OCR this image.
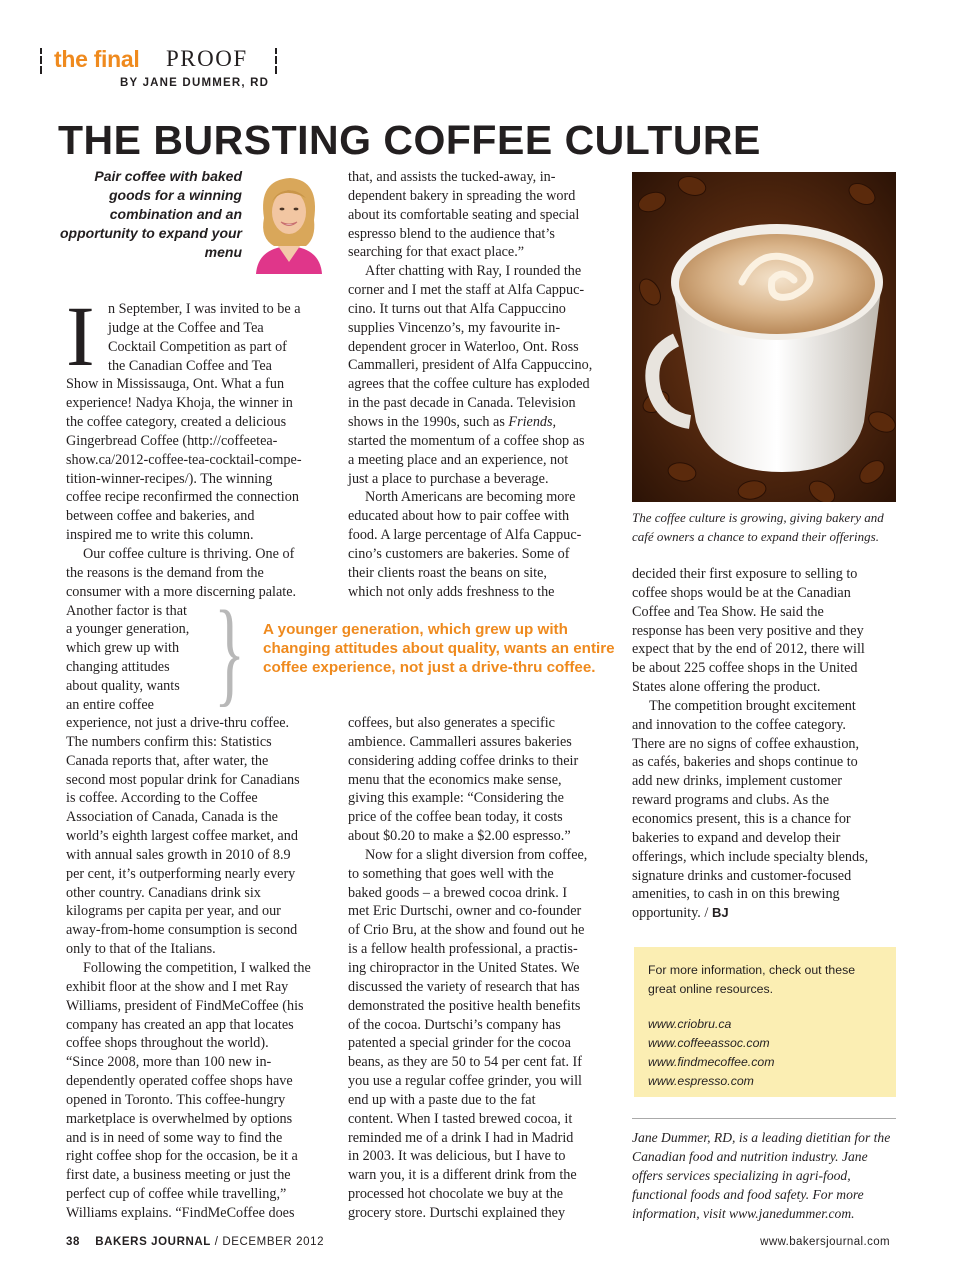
the final PROOF
BY JANE DUMMER, RD
THE BURSTING COFFEE CULTURE
Pair coffee with baked goods for a winning combination and an opportunity to expand your menu
I n September, I was invited to be a
judge at the Coffee and Tea
Cocktail Competition as part of
the Canadian Coffee and Tea
Show in Mississauga, Ont. What a fun
experience! Nadya Khoja, the winner in
the coffee category, created a delicious
Gingerbread Coffee (http://coffeetea-
show.ca/2012-coffee-tea-cocktail-compe-
tition-winner-recipes/). The winning
coffee recipe reconfirmed the connection
between coffee and bakeries, and
inspired me to write this column.
Our coffee culture is thriving. One of
the reasons is the demand from the
consumer with a more discerning palate.
Another factor is that
a younger generation,
which grew up with
changing attitudes
about quality, wants
an entire coffee } A younger generation, which grew up with changing attitudes about quality, wants an entire coffee experience, not just a drive-thru coffee.
experience, not just a drive-thru coffee.
The numbers confirm this: Statistics
Canada reports that, after water, the
second most popular drink for Canadians
is coffee. According to the Coffee
Association of Canada, Canada is the
world’s eighth largest coffee market, and
with annual sales growth in 2010 of 8.9
per cent, it’s outperforming nearly every
other country. Canadians drink six
kilograms per capita per year, and our
away-from-home consumption is second
only to that of the Italians.
Following the competition, I walked the
exhibit floor at the show and I met Ray
Williams, president of FindMeCoffee (his
company has created an app that locates
coffee shops throughout the world).
“Since 2008, more than 100 new in-
dependently operated coffee shops have
opened in Toronto. This coffee-hungry
marketplace is overwhelmed by options
and is in need of some way to find the
right coffee shop for the occasion, be it a
first date, a business meeting or just the
perfect cup of coffee while travelling,”
Williams explains. “FindMeCoffee does
that, and assists the tucked-away, in-
dependent bakery in spreading the word
about its comfortable seating and special
espresso blend to the audience that’s
searching for that exact place.”
After chatting with Ray, I rounded the
corner and I met the staff at Alfa Cappuc-
cino. It turns out that Alfa Cappuccino
supplies Vincenzo’s, my favourite in-
dependent grocer in Waterloo, Ont. Ross
Cammalleri, president of Alfa Cappuccino,
agrees that the coffee culture has exploded
in the past decade in Canada. Television
shows in the 1990s, such as Friends,
started the momentum of a coffee shop as
a meeting place and an experience, not
just a place to purchase a beverage.
North Americans are becoming more
educated about how to pair coffee with
food. A large percentage of Alfa Cappuc-
cino’s customers are bakeries. Some of
their clients roast the beans on site,
which not only adds freshness to the
coffees, but also generates a specific
ambience. Cammalleri assures bakeries
considering adding coffee drinks to their
menu that the economics make sense,
giving this example: “Considering the
price of the coffee bean today, it costs
about $0.20 to make a $2.00 espresso.”
Now for a slight diversion from coffee,
to something that goes well with the
baked goods – a brewed cocoa drink. I
met Eric Durtschi, owner and co-founder
of Crio Bru, at the show and found out he
is a fellow health professional, a practis-
ing chiropractor in the United States. We
discussed the variety of research that has
demonstrated the positive health benefits
of the cocoa. Durtschi’s company has
patented a special grinder for the cocoa
beans, as they are 50 to 54 per cent fat. If
you use a regular coffee grinder, you will
end up with a paste due to the fat
content. When I tasted brewed cocoa, it
reminded me of a drink I had in Madrid
in 2003. It was delicious, but I have to
warn you, it is a different drink from the
processed hot chocolate we buy at the
grocery store. Durtschi explained they
The coffee culture is growing, giving bakery and café owners a chance to expand their offerings.
decided their first exposure to selling to
coffee shops would be at the Canadian
Coffee and Tea Show. He said the
response has been very positive and they
expect that by the end of 2012, there will
be about 225 coffee shops in the United
States alone offering the product.
The competition brought excitement
and innovation to the coffee category.
There are no signs of coffee exhaustion,
as cafés, bakeries and shops continue to
add new drinks, implement customer
reward programs and clubs. As the
economics present, this is a chance for
bakeries to expand and develop their
offerings, which include specialty blends,
signature drinks and customer-focused
amenities, to cash in on this brewing
opportunity. / BJ
For more information, check out these great online resources.
www.criobru.ca
www.coffeeassoc.com
www.findmecoffee.com
www.espresso.com
Jane Dummer, RD, is a leading dietitian for the Canadian food and nutrition industry. Jane offers services specializing in agri-food, functional foods and food safety. For more information, visit www.janedummer.com.
38 BAKERS JOURNAL / DECEMBER 2012	www.bakersjournal.com
